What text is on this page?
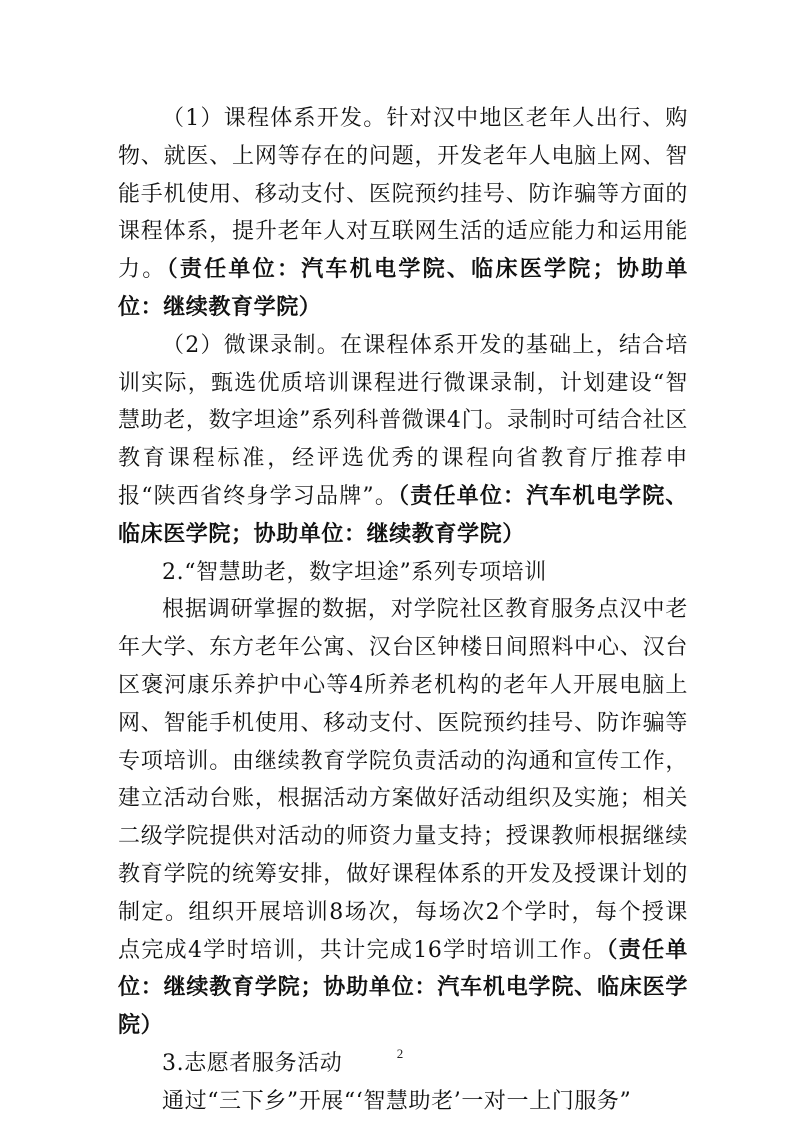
（1）课程体系开发。针对汉中地区老年人出行、购物、就医、上网等存在的问题，开发老年人电脑上网、智能手机使用、移动支付、医院预约挂号、防诈骗等方面的课程体系，提升老年人对互联网生活的适应能力和运用能力。（责任单位：汽车机电学院、临床医学院；协助单位：继续教育学院）

（2）微课录制。在课程体系开发的基础上，结合培训实际，甄选优质培训课程进行微课录制，计划建设“智慧助老，数字坦途”系列科普微课4门。录制时可结合社区教育课程标准，经评选优秀的课程向省教育厅推荐申报“陕西省终身学习品牌”。（责任单位：汽车机电学院、临床医学院；协助单位：继续教育学院）

2.“智慧助老，数字坦途”系列专项培训

根据调研掌握的数据，对学院社区教育服务点汉中老年大学、东方老年公寓、汉台区钟楼日间照料中心、汉台区褒河康乐养护中心等4所养老机构的老年人开展电脑上网、智能手机使用、移动支付、医院预约挂号、防诈骗等专项培训。由继续教育学院负责活动的沟通和宣传工作，建立活动台账，根据活动方案做好活动组织及实施；相关二级学院提供对活动的师资力量支持；授课教师根据继续教育学院的统筹安排，做好课程体系的开发及授课计划的制定。组织开展培训8场次，每场次2个学时，每个授课点完成4学时培训，共计完成16学时培训工作。（责任单位：继续教育学院；协助单位：汽车机电学院、临床医学院）

3.志愿者服务活动

通过“三下乡”开展“‘智慧助老’一对一上门服务”

2
